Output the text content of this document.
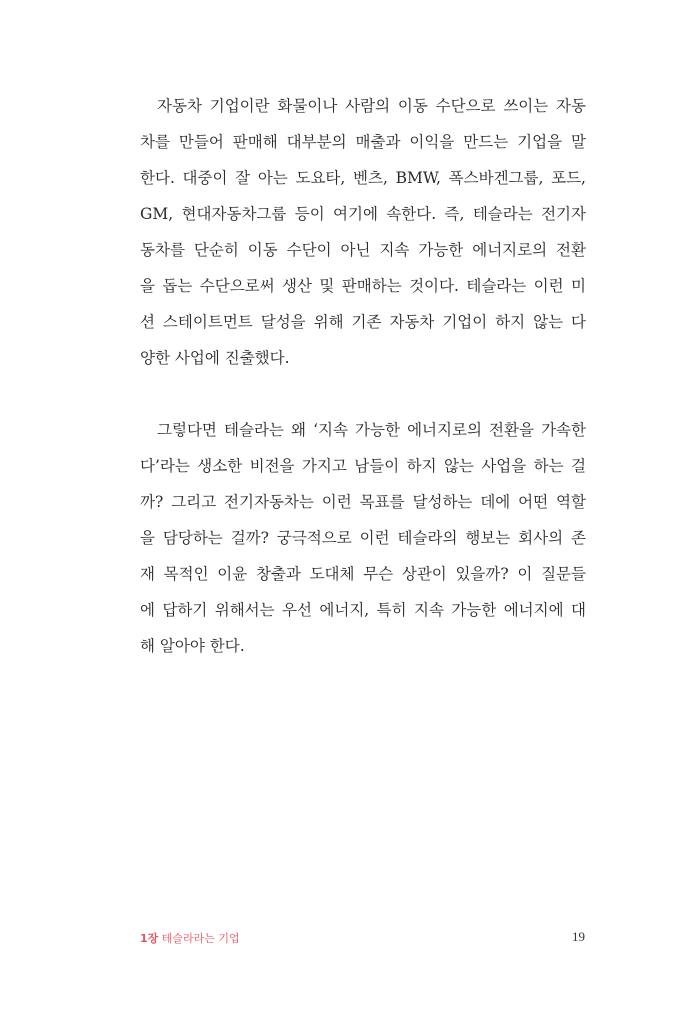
자동차 기업이란 화물이나 사람의 이동 수단으로 쓰이는 자동
차를 만들어 판매해 대부분의 매출과 이익을 만드는 기업을 말
한다. 대중이 잘 아는 도요타, 벤츠, BMW, 폭스바겐그룹, 포드,
GM, 현대자동차그룹 등이 여기에 속한다. 즉, 테슬라는 전기자
동차를 단순히 이동 수단이 아닌 지속 가능한 에너지로의 전환
을 돕는 수단으로써 생산 및 판매하는 것이다. 테슬라는 이런 미
션 스테이트먼트 달성을 위해 기존 자동차 기업이 하지 않는 다
양한 사업에 진출했다.
그렇다면 테슬라는 왜 ‘지속 가능한 에너지로의 전환을 가속한
다’라는 생소한 비전을 가지고 남들이 하지 않는 사업을 하는 걸
까? 그리고 전기자동차는 이런 목표를 달성하는 데에 어떤 역할
을 담당하는 걸까? 궁극적으로 이런 테슬라의 행보는 회사의 존
재 목적인 이윤 창출과 도대체 무슨 상관이 있을까? 이 질문들
에 답하기 위해서는 우선 에너지, 특히 지속 가능한 에너지에 대
해 알아야 한다.
1장 테슬라라는 기업	19
